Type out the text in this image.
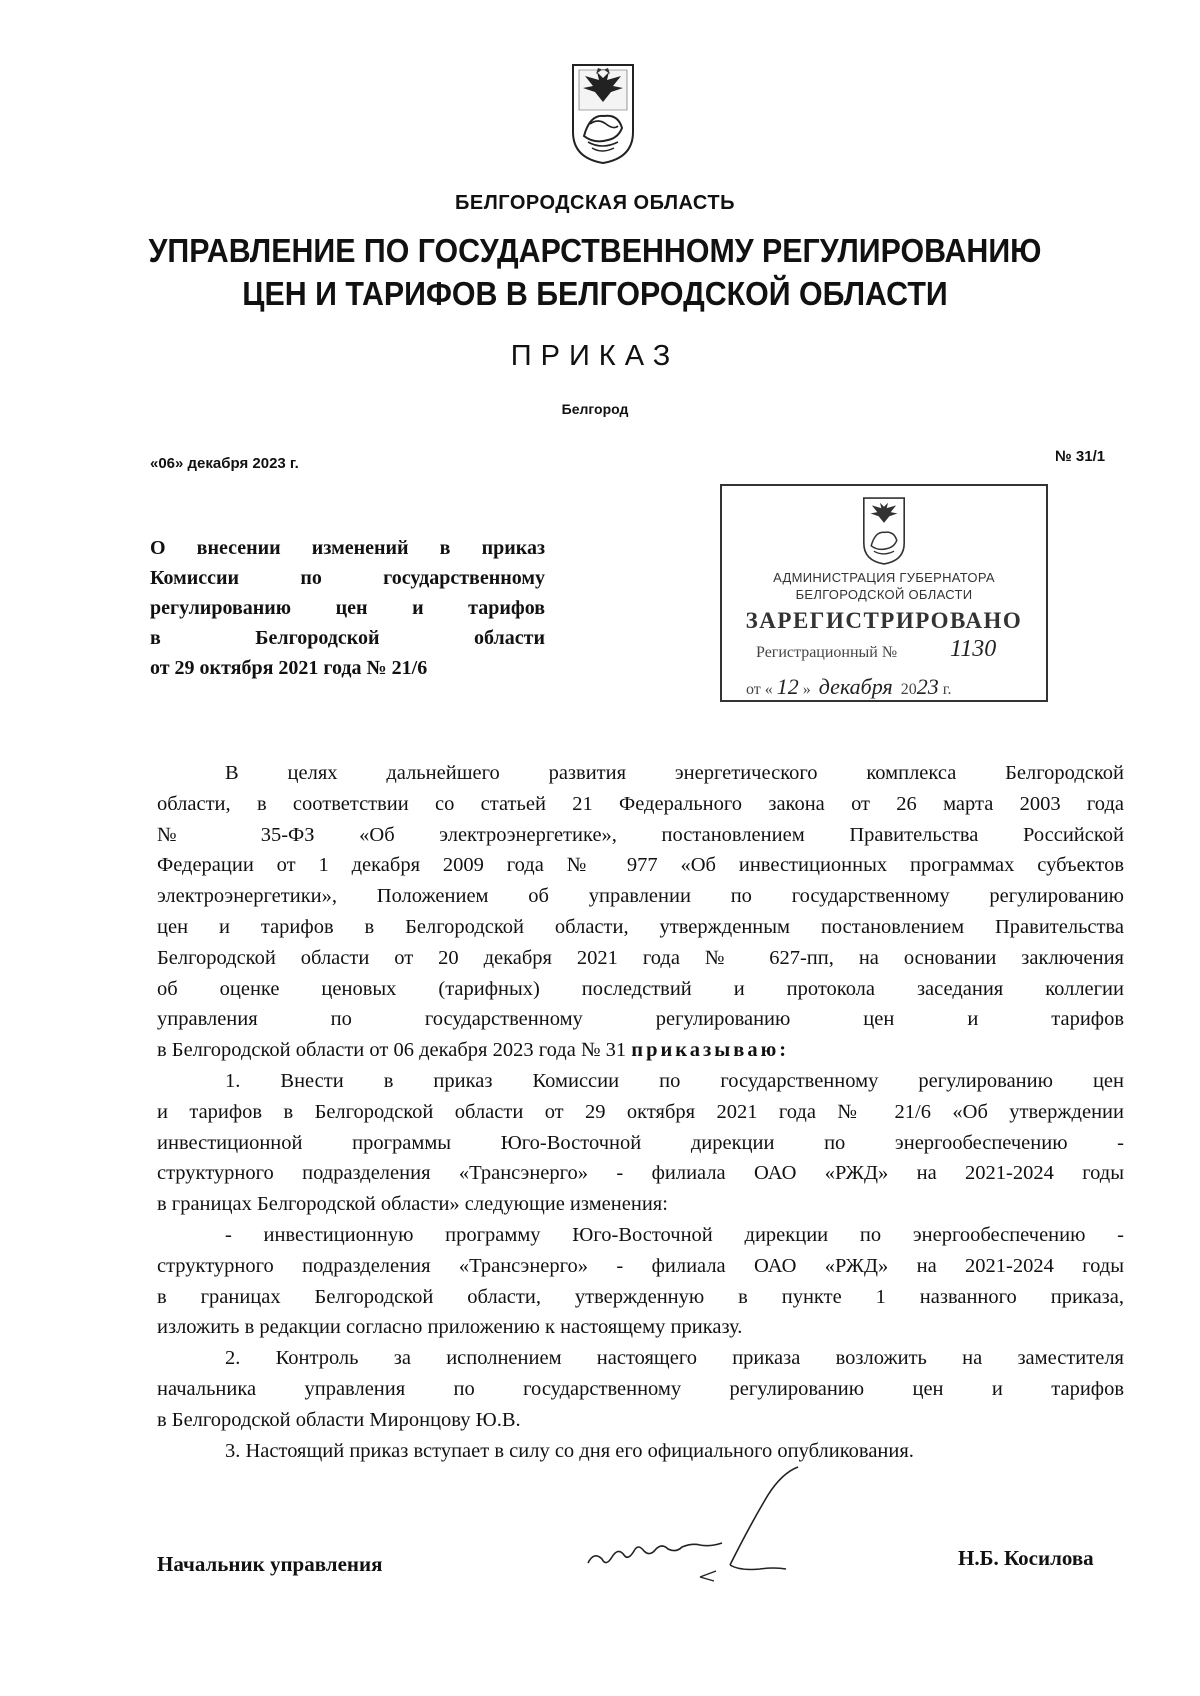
БЕЛГОРОДСКАЯ ОБЛАСТЬ
УПРАВЛЕНИЕ ПО ГОСУДАРСТВЕННОМУ РЕГУЛИРОВАНИЮ
ЦЕН И ТАРИФОВ В БЕЛГОРОДСКОЙ ОБЛАСТИ
ПРИКАЗ
Белгород
«06» декабря 2023 г.	№ 31/1
О внесении изменений в приказ
Комиссии по государственному
регулированию цен и тарифов
в Белгородской области
от 29 октября 2021 года № 21/6
АДМИНИСТРАЦИЯ ГУБЕРНАТОРА
БЕЛГОРОДСКОЙ ОБЛАСТИ
ЗАРЕГИСТРИРОВАНО
Регистрационный № 1130
от « 12 » декабря 2023 г.
В целях дальнейшего развития энергетического комплекса Белгородской
области, в соответствии со статьей 21 Федерального закона от 26 марта 2003 года
№ 35-ФЗ «Об электроэнергетике», постановлением Правительства Российской
Федерации от 1 декабря 2009 года № 977 «Об инвестиционных программах субъектов
электроэнергетики», Положением об управлении по государственному регулированию
цен и тарифов в Белгородской области, утвержденным постановлением Правительства
Белгородской области от 20 декабря 2021 года № 627-пп, на основании заключения
об оценке ценовых (тарифных) последствий и протокола заседания коллегии
управления по государственному регулированию цен и тарифов
в Белгородской области от 06 декабря 2023 года № 31 приказываю:
1. Внести в приказ Комиссии по государственному регулированию цен
и тарифов в Белгородской области от 29 октября 2021 года № 21/6 «Об утверждении
инвестиционной программы Юго-Восточной дирекции по энергообеспечению -
структурного подразделения «Трансэнерго» - филиала ОАО «РЖД» на 2021-2024 годы
в границах Белгородской области» следующие изменения:
- инвестиционную программу Юго-Восточной дирекции по энергообеспечению -
структурного подразделения «Трансэнерго» - филиала ОАО «РЖД» на 2021-2024 годы
в границах Белгородской области, утвержденную в пункте 1 названного приказа,
изложить в редакции согласно приложению к настоящему приказу.
2. Контроль за исполнением настоящего приказа возложить на заместителя
начальника управления по государственному регулированию цен и тарифов
в Белгородской области Миронцову Ю.В.
3. Настоящий приказ вступает в силу со дня его официального опубликования.
Начальник управления	Н.Б. Косилова
